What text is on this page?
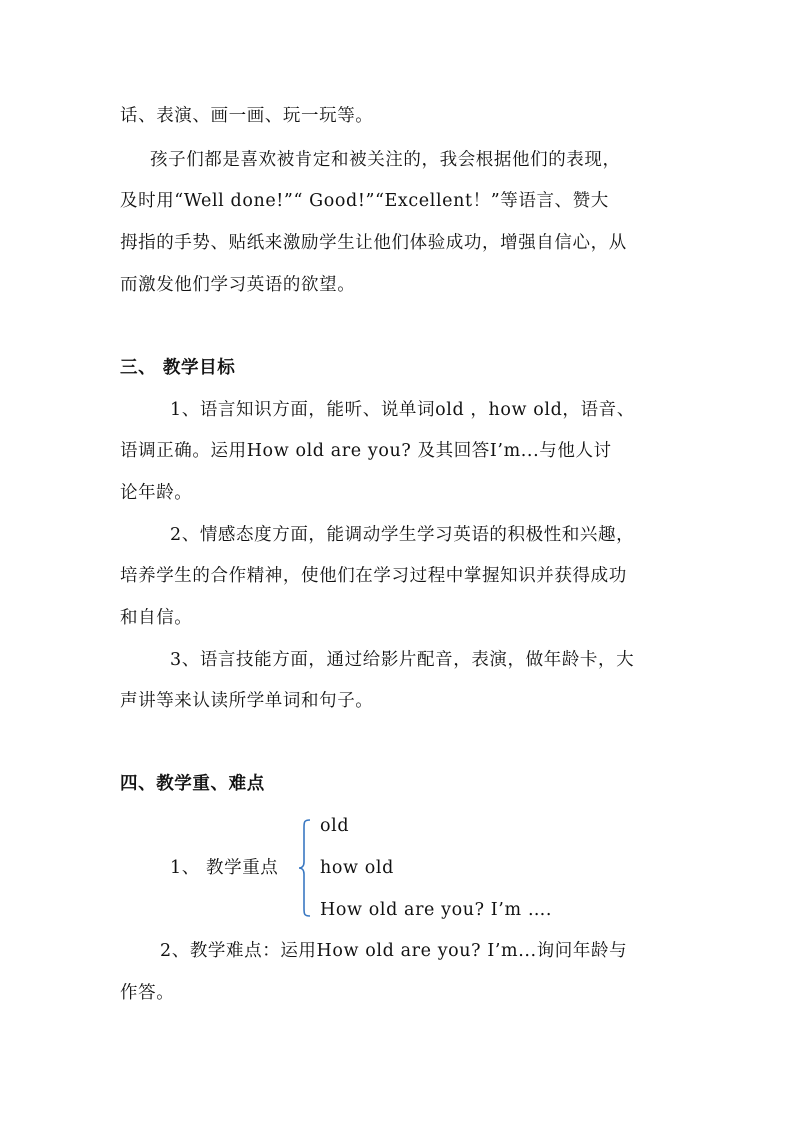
话、表演、画一画、玩一玩等。
孩子们都是喜欢被肯定和被关注的，我会根据他们的表现，
及时用“Well done!”“ Good!”“Excellent！”等语言、赞大
拇指的手势、贴纸来激励学生让他们体验成功，增强自信心，从
而激发他们学习英语的欲望。
三、 教学目标
1、语言知识方面，能听、说单词old ，how old，语音、
语调正确。运用How old are you? 及其回答I’m...与他人讨
论年龄。
2、情感态度方面，能调动学生学习英语的积极性和兴趣，
培养学生的合作精神，使他们在学习过程中掌握知识并获得成功
和自信。
3、语言技能方面，通过给影片配音，表演，做年龄卡，大
声讲等来认读所学单词和句子。
四、教学重、难点
old
1、 教学重点 how old
How old are you? I’m ….
2、教学难点：运用How old are you? I’m...询问年龄与
作答。
